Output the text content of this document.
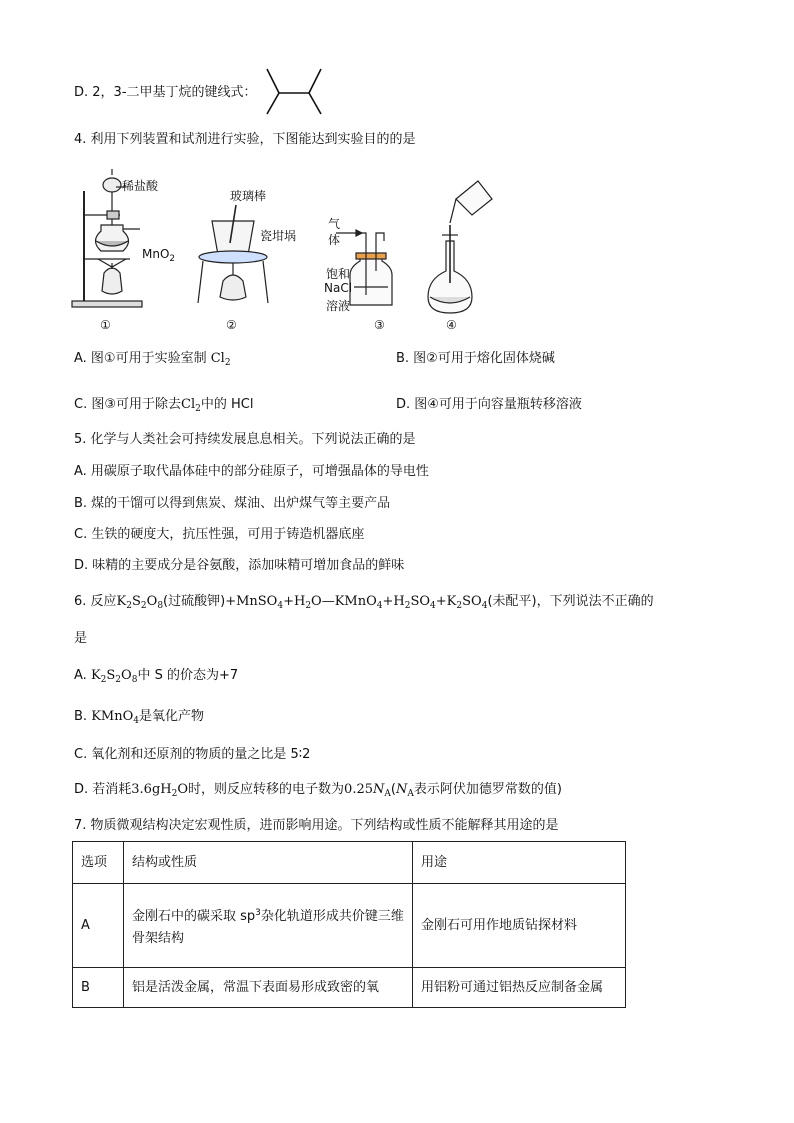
D. 2，3-二甲基丁烷的键线式：
4. 利用下列装置和试剂进行实验，下图能达到实验目的的是
稀盐酸
MnO$_2$
玻璃棒
瓷坩埚
气
体
饱和
NaCl
溶液
①	②	③	④
A. 图①可用于实验室制 $Cl_2$	B. 图②可用于熔化固体烧碱
C. 图③可用于除去$Cl_2$中的 HCl	D. 图④可用于向容量瓶转移溶液
5. 化学与人类社会可持续发展息息相关。下列说法正确的是
A. 用碳原子取代晶体硅中的部分硅原子，可增强晶体的导电性
B. 煤的干馏可以得到焦炭、煤油、出炉煤气等主要产品
C. 生铁的硬度大，抗压性强，可用于铸造机器底座
D. 味精的主要成分是谷氨酸，添加味精可增加食品的鲜味
6. 反应$K_2S_2O_8$(过硫酸钾)$+MnSO_4+H_2O—KMnO_4+H_2SO_4+K_2SO_4$(未配平)，下列说法不正确的
是
A. $K_2S_2O_8$中 S 的价态为+7
B. KMnO$_4$是氧化产物
C. 氧化剂和还原剂的物质的量之比是 5∶2
D. 若消耗$3.6gH_2O$时，则反应转移的电子数为$0.25N_A(N_A$表示阿伏加德罗常数的值)
7. 物质微观结构决定宏观性质，进而影响用途。下列结构或性质不能解释其用途的是
选项	结构或性质	用途
A	金刚石中的碳采取 $sp^3$杂化轨道形成共价键三维骨架结构	金刚石可用作地质钻探材料
B	铝是活泼金属，常温下表面易形成致密的氧	用铝粉可通过铝热反应制备金属
